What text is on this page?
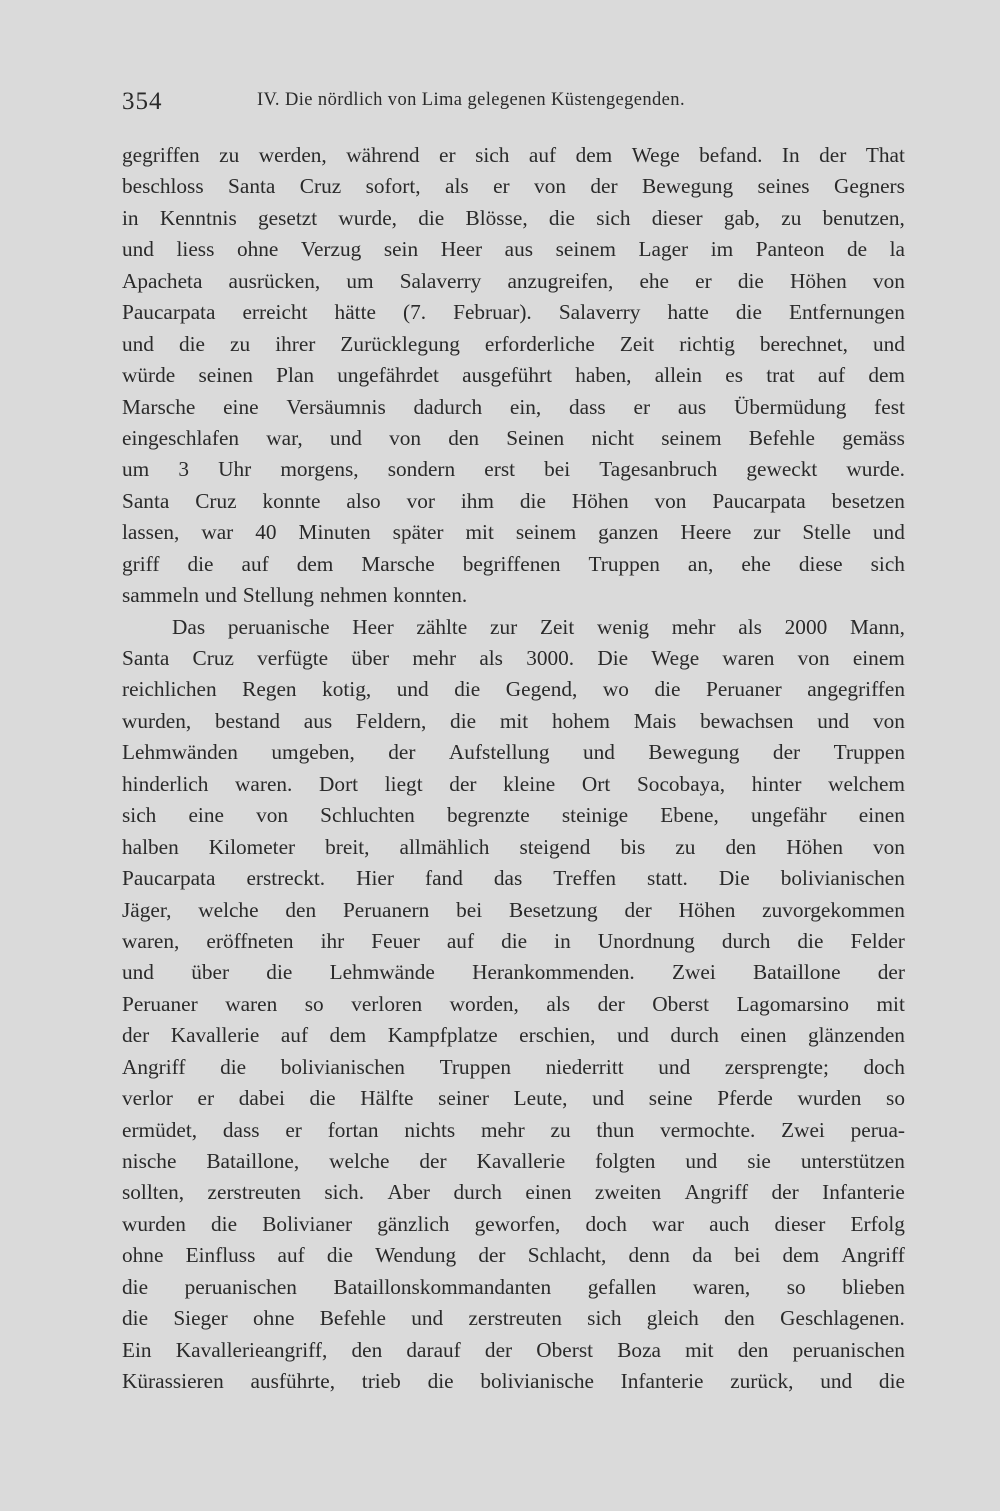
354	IV. Die nördlich von Lima gelegenen Küstengegenden.
gegriffen zu werden, während er sich auf dem Wege befand. In der That
beschloss Santa Cruz sofort, als er von der Bewegung seines Gegners
in Kenntnis gesetzt wurde, die Blösse, die sich dieser gab, zu benutzen,
und liess ohne Verzug sein Heer aus seinem Lager im Panteon de la
Apacheta ausrücken, um Salaverry anzugreifen, ehe er die Höhen von
Paucarpata erreicht hätte (7. Februar). Salaverry hatte die Entfernungen
und die zu ihrer Zurücklegung erforderliche Zeit richtig berechnet, und
würde seinen Plan ungefährdet ausgeführt haben, allein es trat auf dem
Marsche eine Versäumnis dadurch ein, dass er aus Übermüdung fest
eingeschlafen war, und von den Seinen nicht seinem Befehle gemäss
um 3 Uhr morgens, sondern erst bei Tagesanbruch geweckt wurde.
Santa Cruz konnte also vor ihm die Höhen von Paucarpata besetzen
lassen, war 40 Minuten später mit seinem ganzen Heere zur Stelle und
griff die auf dem Marsche begriffenen Truppen an, ehe diese sich
sammeln und Stellung nehmen konnten.
Das peruanische Heer zählte zur Zeit wenig mehr als 2000 Mann,
Santa Cruz verfügte über mehr als 3000. Die Wege waren von einem
reichlichen Regen kotig, und die Gegend, wo die Peruaner angegriffen
wurden, bestand aus Feldern, die mit hohem Mais bewachsen und von
Lehmwänden umgeben, der Aufstellung und Bewegung der Truppen
hinderlich waren. Dort liegt der kleine Ort Socobaya, hinter welchem
sich eine von Schluchten begrenzte steinige Ebene, ungefähr einen
halben Kilometer breit, allmählich steigend bis zu den Höhen von
Paucarpata erstreckt. Hier fand das Treffen statt. Die bolivianischen
Jäger, welche den Peruanern bei Besetzung der Höhen zuvorgekommen
waren, eröffneten ihr Feuer auf die in Unordnung durch die Felder
und über die Lehmwände Herankommenden. Zwei Bataillone der
Peruaner waren so verloren worden, als der Oberst Lagomarsino mit
der Kavallerie auf dem Kampfplatze erschien, und durch einen glänzenden
Angriff die bolivianischen Truppen niederritt und zersprengte; doch
verlor er dabei die Hälfte seiner Leute, und seine Pferde wurden so
ermüdet, dass er fortan nichts mehr zu thun vermochte. Zwei perua-
nische Bataillone, welche der Kavallerie folgten und sie unterstützen
sollten, zerstreuten sich. Aber durch einen zweiten Angriff der Infanterie
wurden die Bolivianer gänzlich geworfen, doch war auch dieser Erfolg
ohne Einfluss auf die Wendung der Schlacht, denn da bei dem Angriff
die peruanischen Bataillonskommandanten gefallen waren, so blieben
die Sieger ohne Befehle und zerstreuten sich gleich den Geschlagenen.
Ein Kavallerieangriff, den darauf der Oberst Boza mit den peruanischen
Kürassieren ausführte, trieb die bolivianische Infanterie zurück, und die
